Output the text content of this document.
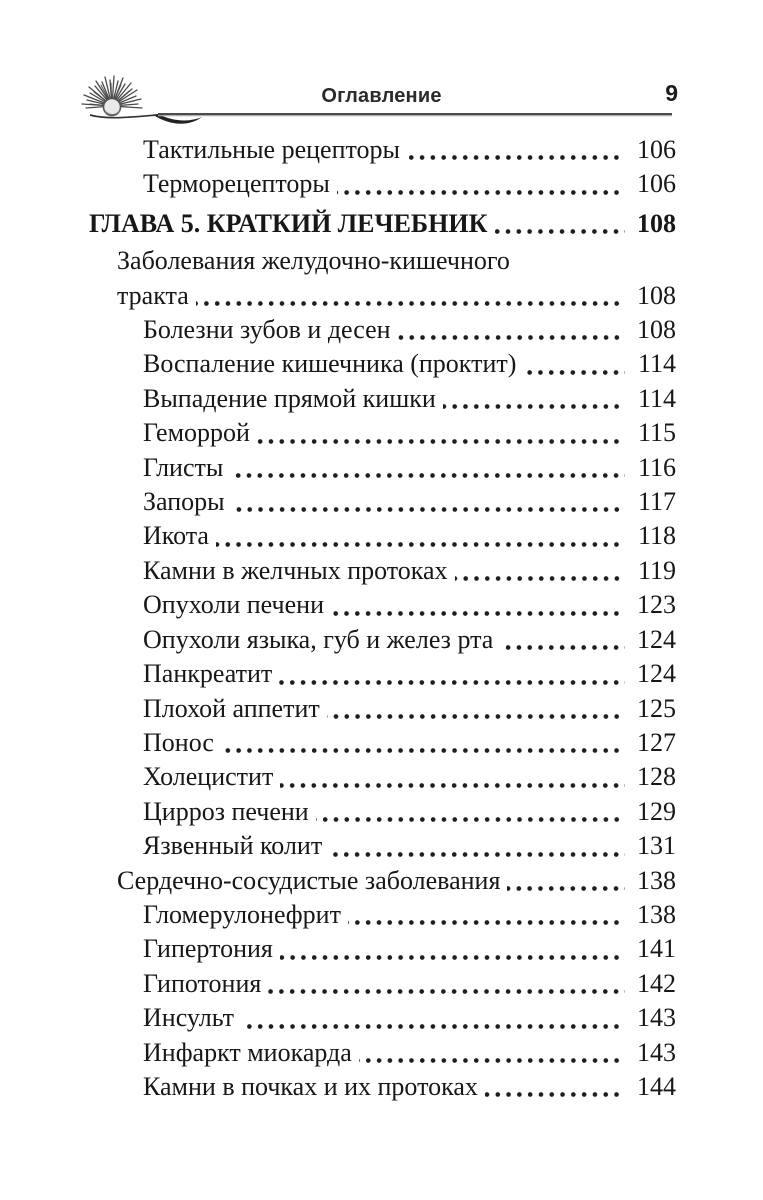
Оглавление	9
Тактильные рецепторы	106
Терморецепторы	106
ГЛАВА 5. КРАТКИЙ ЛЕЧЕБНИК	108
Заболевания желудочно-кишечного
тракта	108
Болезни зубов и десен	108
Воспаление кишечника (проктит)	114
Выпадение прямой кишки	114
Геморрой	115
Глисты	116
Запоры	117
Икота	118
Камни в желчных протоках	119
Опухоли печени	123
Опухоли языка, губ и желез рта	124
Панкреатит	124
Плохой аппетит	125
Понос	127
Холецистит	128
Цирроз печени	129
Язвенный колит	131
Сердечно-сосудистые заболевания	138
Гломерулонефрит	138
Гипертония	141
Гипотония	142
Инсульт	143
Инфаркт миокарда	143
Камни в почках и их протоках	144
